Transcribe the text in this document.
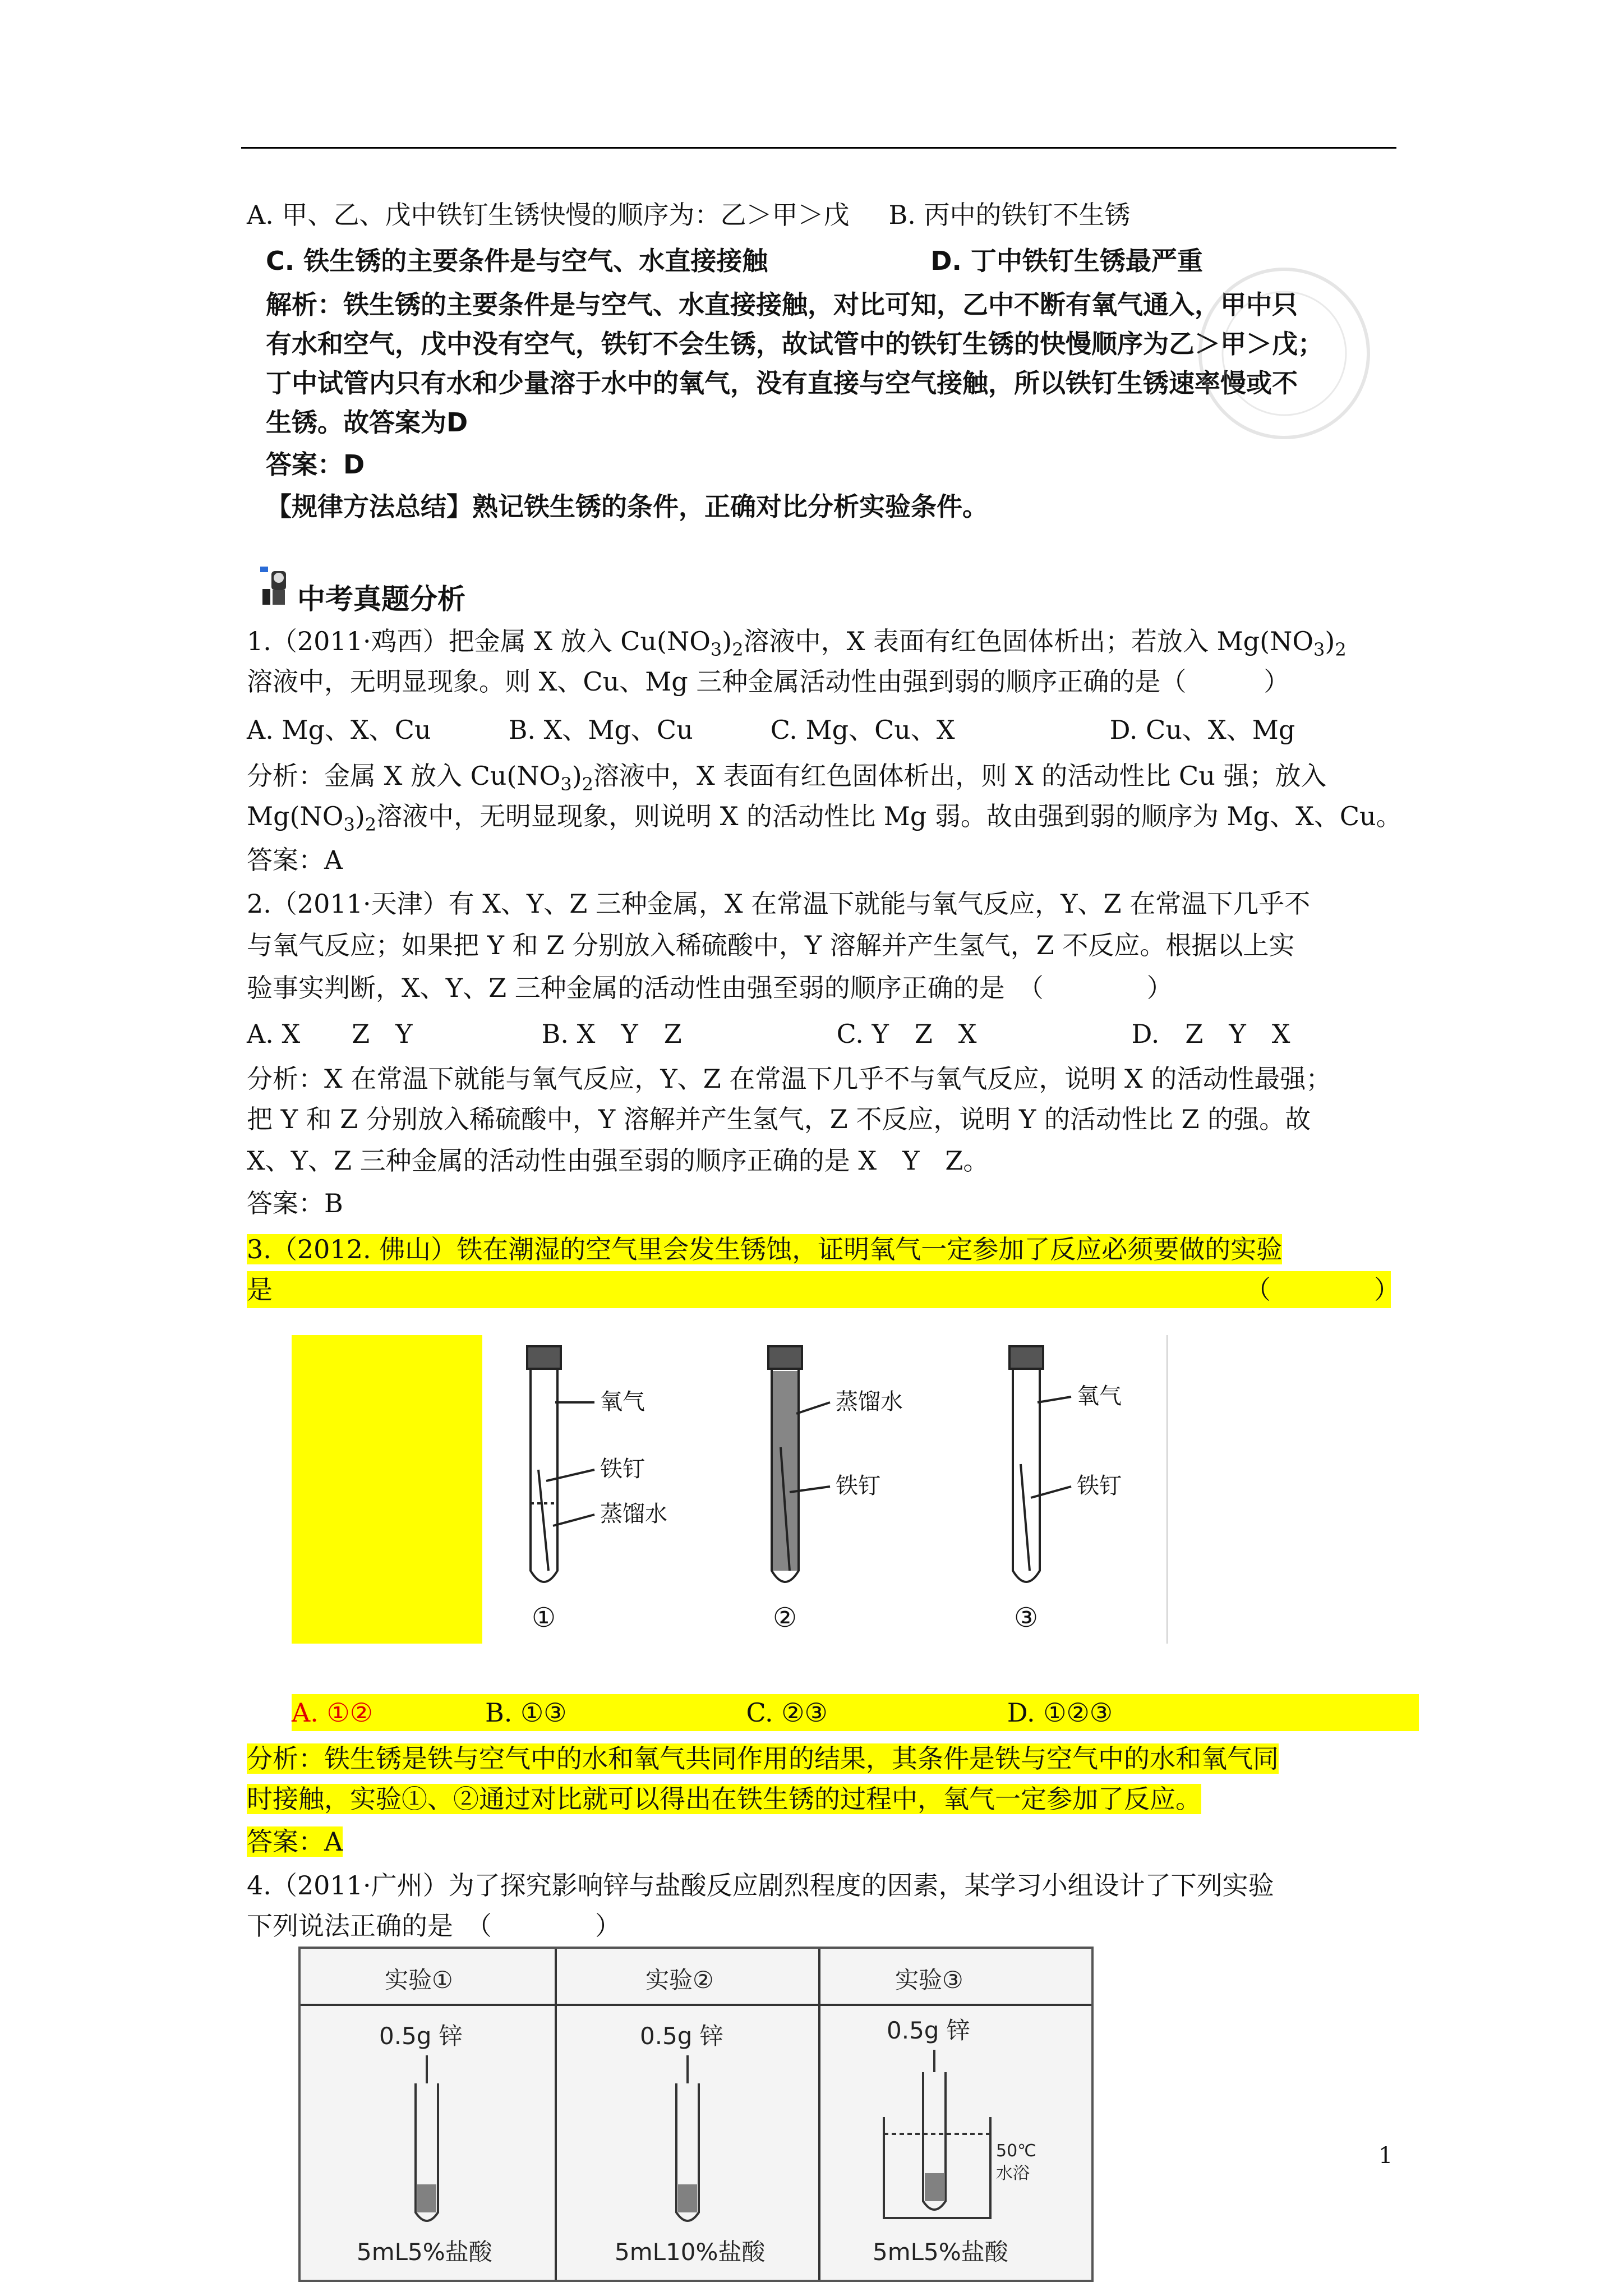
A. 甲、乙、戊中铁钉生锈快慢的顺序为：乙＞甲＞戊 B. 丙中的铁钉不生锈
C. 铁生锈的主要条件是与空气、水直接接触	D. 丁中铁钉生锈最严重
解析：铁生锈的主要条件是与空气、水直接接触，对比可知，乙中不断有氧气通入，甲中只
有水和空气，戊中没有空气，铁钉不会生锈，故试管中的铁钉生锈的快慢顺序为乙＞甲＞戊；
丁中试管内只有水和少量溶于水中的氧气，没有直接与空气接触，所以铁钉生锈速率慢或不
生锈。故答案为D
答案：D
【规律方法总结】熟记铁生锈的条件，正确对比分析实验条件。
中考真题分析
1.（2011·鸡西）把金属 X 放入 $Cu(NO_3)_2$溶液中，X 表面有红色固体析出；若放入 $Mg(NO_3)_2$
溶液中，无明显现象。则 X、Cu、Mg 三种金属活动性由强到弱的顺序正确的是（　　　）
A. Mg、X、Cu　　　B. X、Mg、Cu　　　C. Mg、Cu、X　　　　　　D. Cu、X、Mg
分析：金属 X 放入 $Cu(NO_3)_2$溶液中，X 表面有红色固体析出，则 X 的活动性比 Cu 强；放入
$Mg(NO_3)_2$溶液中，无明显现象，则说明 X 的活动性比 Mg 弱。故由强到弱的顺序为 Mg、X、Cu。
答案：A
2.（2011·天津）有 X、Y、Z 三种金属，X 在常温下就能与氧气反应，Y、Z 在常温下几乎不
与氧气反应；如果把 Y 和 Z 分别放入稀硫酸中，Y 溶解并产生氢气，Z 不反应。根据以上实
验事实判断，X、Y、Z 三种金属的活动性由强至弱的顺序正确的是　（　　　　）
A. X　　Z　Y　　　　　B. X　Y　Z　　　　　　C. Y　Z　X　　　　　　D.　Z　Y　X
分析：X 在常温下就能与氧气反应，Y、Z 在常温下几乎不与氧气反应，说明 X 的活动性最强；
把 Y 和 Z 分别放入稀硫酸中，Y 溶解并产生氢气，Z 不反应，说明 Y 的活动性比 Z 的强。故
X、Y、Z 三种金属的活动性由强至弱的顺序正确的是 X　Y　Z。
答案：B
3.（2012. 佛山）铁在潮湿的空气里会发生锈蚀，证明氧气一定参加了反应必须要做的实验
是	（　　　　）
氧气
铁钉
蒸馏水
蒸馏水
铁钉
氧气
铁钉
①	②	③
A. ①②	B. ①③	C. ②③	D. ①②③
分析：铁生锈是铁与空气中的水和氧气共同作用的结果，其条件是铁与空气中的水和氧气同
时接触，实验①、②通过对比就可以得出在铁生锈的过程中，氧气一定参加了反应。
答案：A
4.（2011·广州）为了探究影响锌与盐酸反应剧烈程度的因素，某学习小组设计了下列实验
下列说法正确的是　（　　　　）
实验①	实验②	实验③
0.5g 锌	0.5g 锌	0.5g 锌
5mL5%盐酸	5mL10%盐酸	5mL5%盐酸
50℃
水浴
1
